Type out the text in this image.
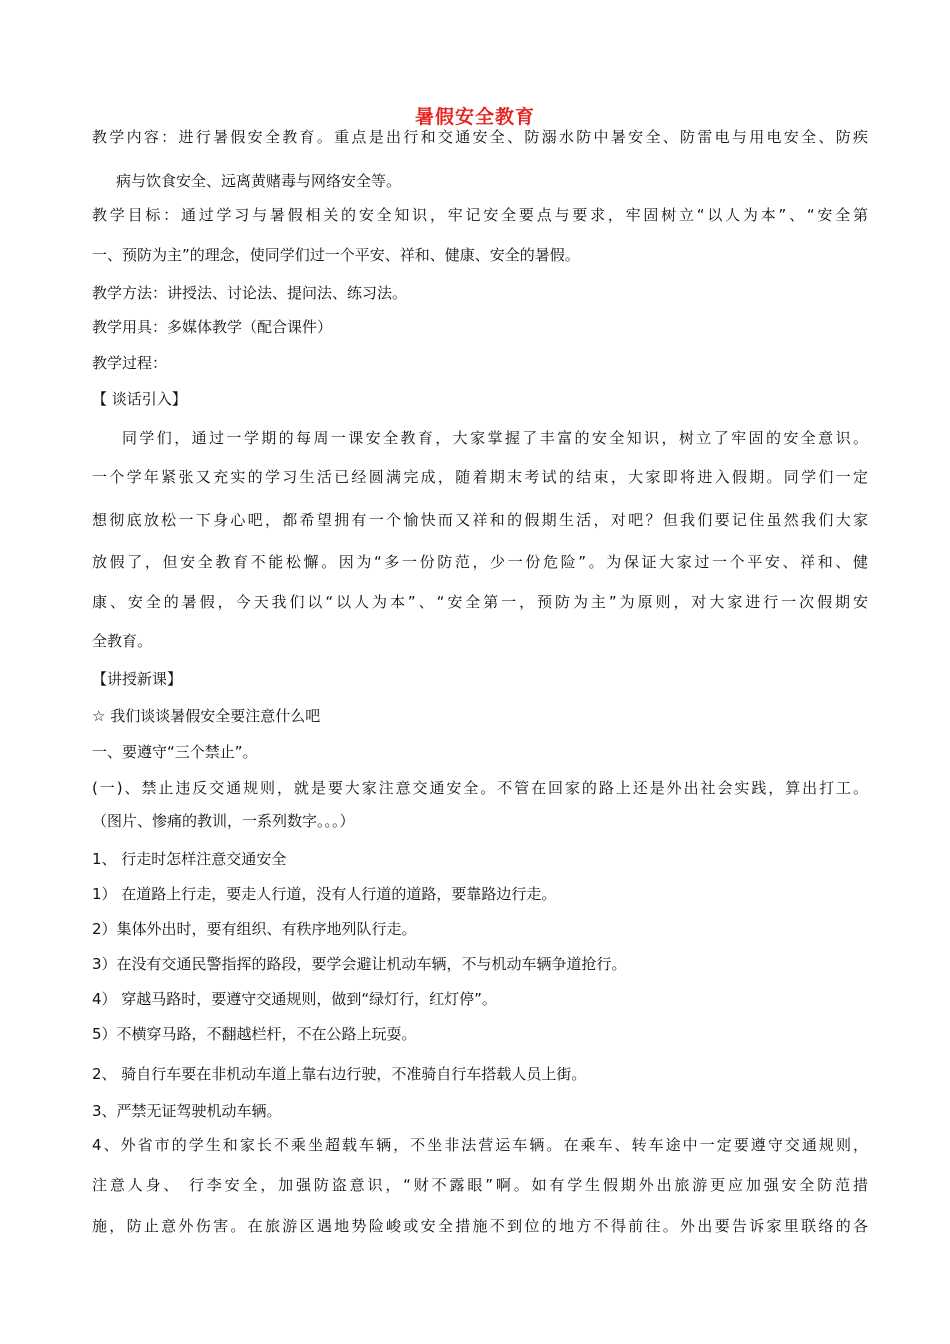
暑假安全教育
教学内容：进行暑假安全教育。重点是出行和交通安全、防溺水防中暑安全、防雷电与用电安全、防疾
病与饮食安全、远离黄赌毒与网络安全等。
教学目标：通过学习与暑假相关的安全知识，牢记安全要点与要求，牢固树立“以人为本”、“安全第
一、预防为主”的理念，使同学们过一个平安、祥和、健康、安全的暑假。
教学方法：讲授法、讨论法、提问法、练习法。
教学用具：多媒体教学（配合课件）
教学过程：
【 谈话引入】
同学们，通过一学期的每周一课安全教育，大家掌握了丰富的安全知识，树立了牢固的安全意识。
一个学年紧张又充实的学习生活已经圆满完成，随着期末考试的结束，大家即将进入假期。同学们一定
想彻底放松一下身心吧，都希望拥有一个愉快而又祥和的假期生活，对吧？但我们要记住虽然我们大家
放假了，但安全教育不能松懈。因为“多一份防范，少一份危险”。为保证大家过一个平安、祥和、健
康、安全的暑假，今天我们以“以人为本”、“安全第一，预防为主”为原则，对大家进行一次假期安
全教育。
【讲授新课】
☆ 我们谈谈暑假安全要注意什么吧
一、要遵守“三个禁止”。
(一)、禁止违反交通规则，就是要大家注意交通安全。不管在回家的路上还是外出社会实践，算出打工。
（图片、惨痛的教训，一系列数字。。。）
1、 行走时怎样注意交通安全
1） 在道路上行走，要走人行道，没有人行道的道路，要靠路边行走。
2）集体外出时，要有组织、有秩序地列队行走。
3）在没有交通民警指挥的路段，要学会避让机动车辆，不与机动车辆争道抢行。
4） 穿越马路时，要遵守交通规则，做到“绿灯行，红灯停”。
5）不横穿马路，不翻越栏杆，不在公路上玩耍。
2、 骑自行车要在非机动车道上靠右边行驶，不准骑自行车搭载人员上街。
3、严禁无证驾驶机动车辆。
4、外省市的学生和家长不乘坐超载车辆，不坐非法营运车辆。在乘车、转车途中一定要遵守交通规则，
注意人身、 行李安全，加强防盗意识，“财不露眼”啊。如有学生假期外出旅游更应加强安全防范措
施，防止意外伤害。在旅游区遇地势险峻或安全措施不到位的地方不得前往。外出要告诉家里联络的各
